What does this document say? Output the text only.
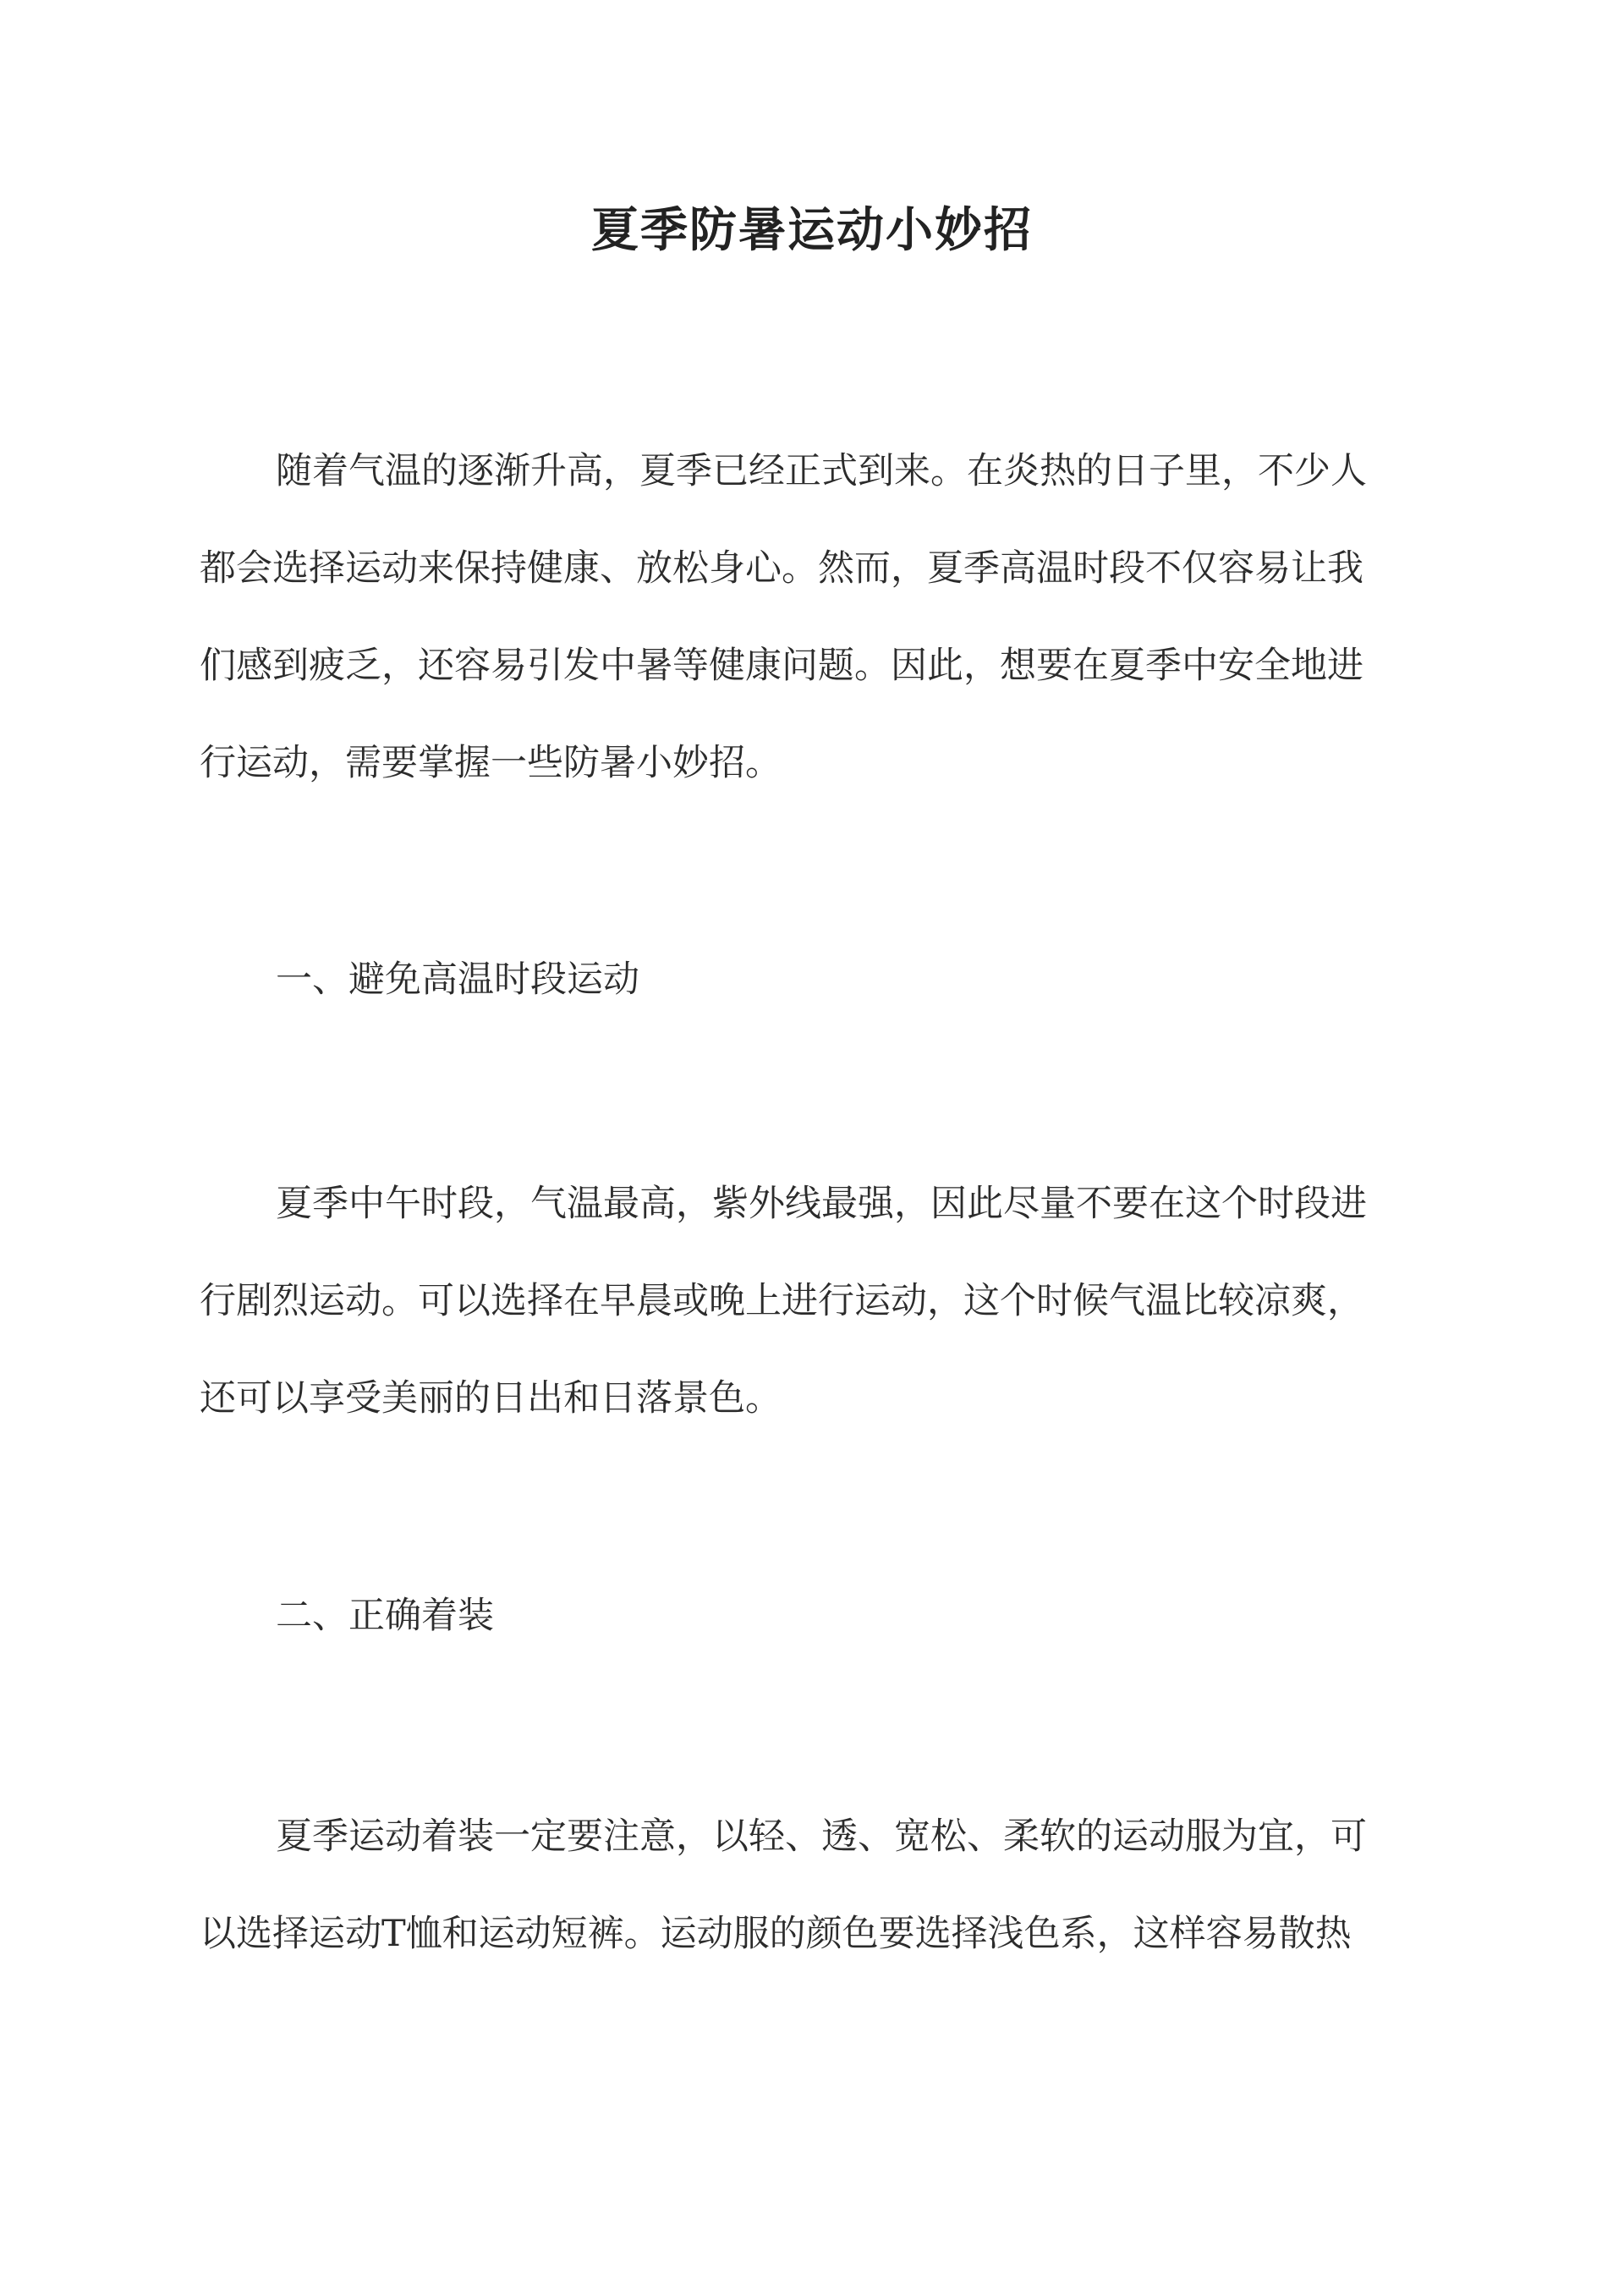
夏季防暑运动小妙招
随着气温的逐渐升高，夏季已经正式到来。在炎热的日子里，不少人
都会选择运动来保持健康、放松身心。然而，夏季高温时段不仅容易让我
们感到疲乏，还容易引发中暑等健康问题。因此，想要在夏季中安全地进
行运动，需要掌握一些防暑小妙招。
一、避免高温时段运动
夏季中午时段，气温最高，紫外线最强，因此尽量不要在这个时段进
行剧烈运动。可以选择在早晨或晚上进行运动，这个时候气温比较凉爽，
还可以享受美丽的日出和日落景色。
二、正确着装
夏季运动着装一定要注意，以轻、透、宽松、柔软的运动服为宜，可
以选择运动T恤和运动短裤。运动服的颜色要选择浅色系，这样容易散热
